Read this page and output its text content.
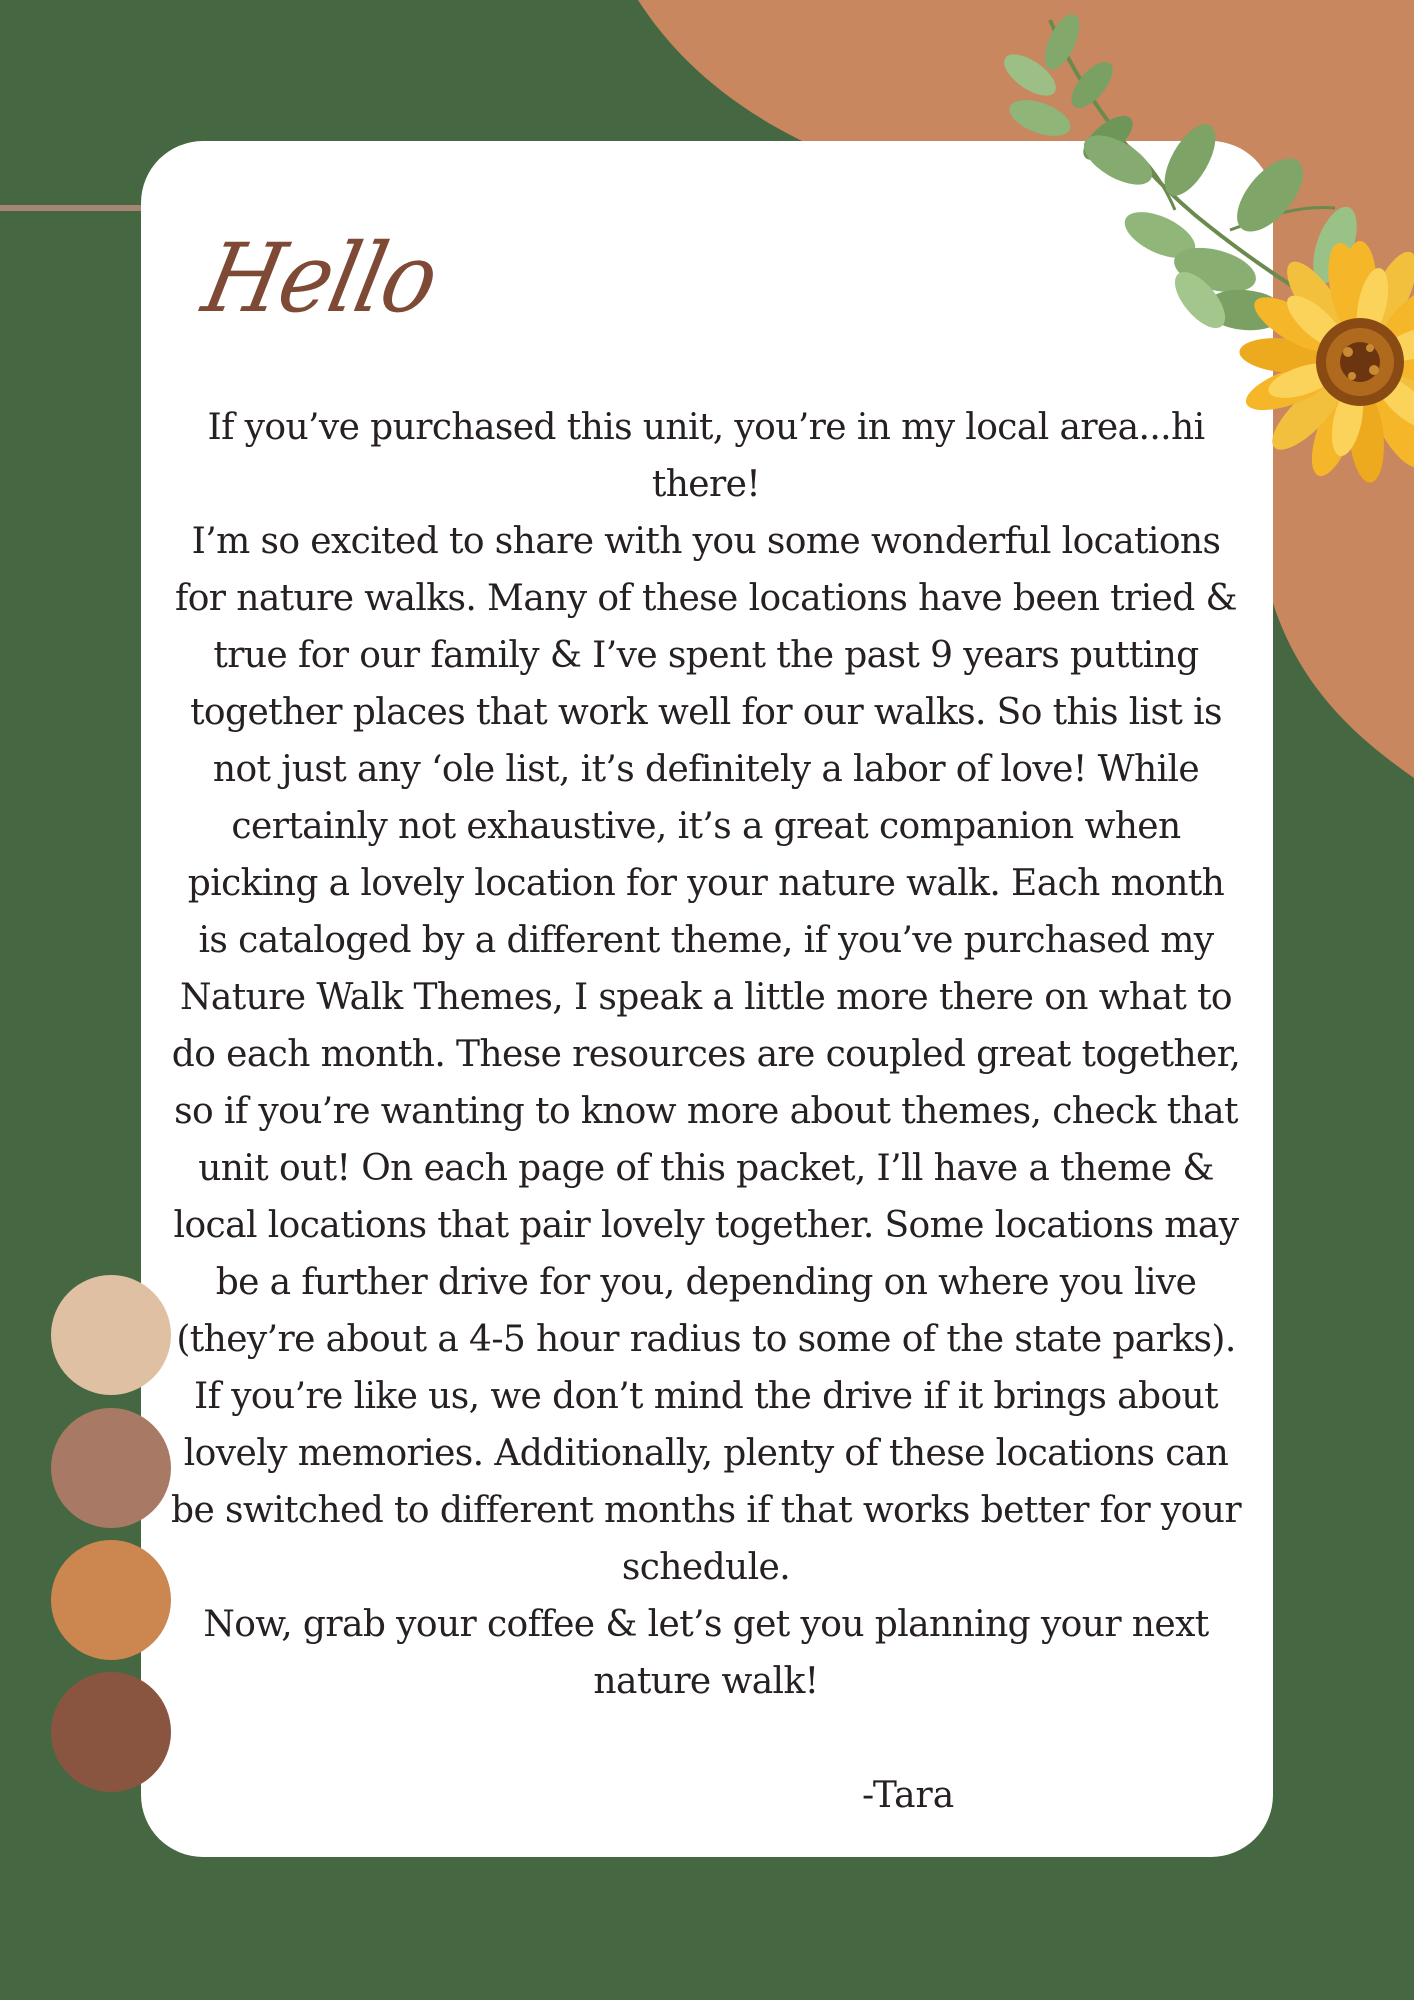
Hello

If you’ve purchased this unit, you’re in my local area...hi there!

I’m so excited to share with you some wonderful locations for nature walks. Many of these locations have been tried & true for our family & I’ve spent the past 9 years putting together places that work well for our walks. So this list is not just any ‘ole list, it’s definitely a labor of love! While certainly not exhaustive, it’s a great companion when picking a lovely location for your nature walk. Each month is cataloged by a different theme, if you’ve purchased my Nature Walk Themes, I speak a little more there on what to do each month. These resources are coupled great together, so if you’re wanting to know more about themes, check that unit out! On each page of this packet, I’ll have a theme & local locations that pair lovely together. Some locations may be a further drive for you, depending on where you live (they’re about a 4-5 hour radius to some of the state parks). If you’re like us, we don’t mind the drive if it brings about lovely memories. Additionally, plenty of these locations can be switched to different months if that works better for your schedule.

Now, grab your coffee & let’s get you planning your next nature walk!

-Tara
